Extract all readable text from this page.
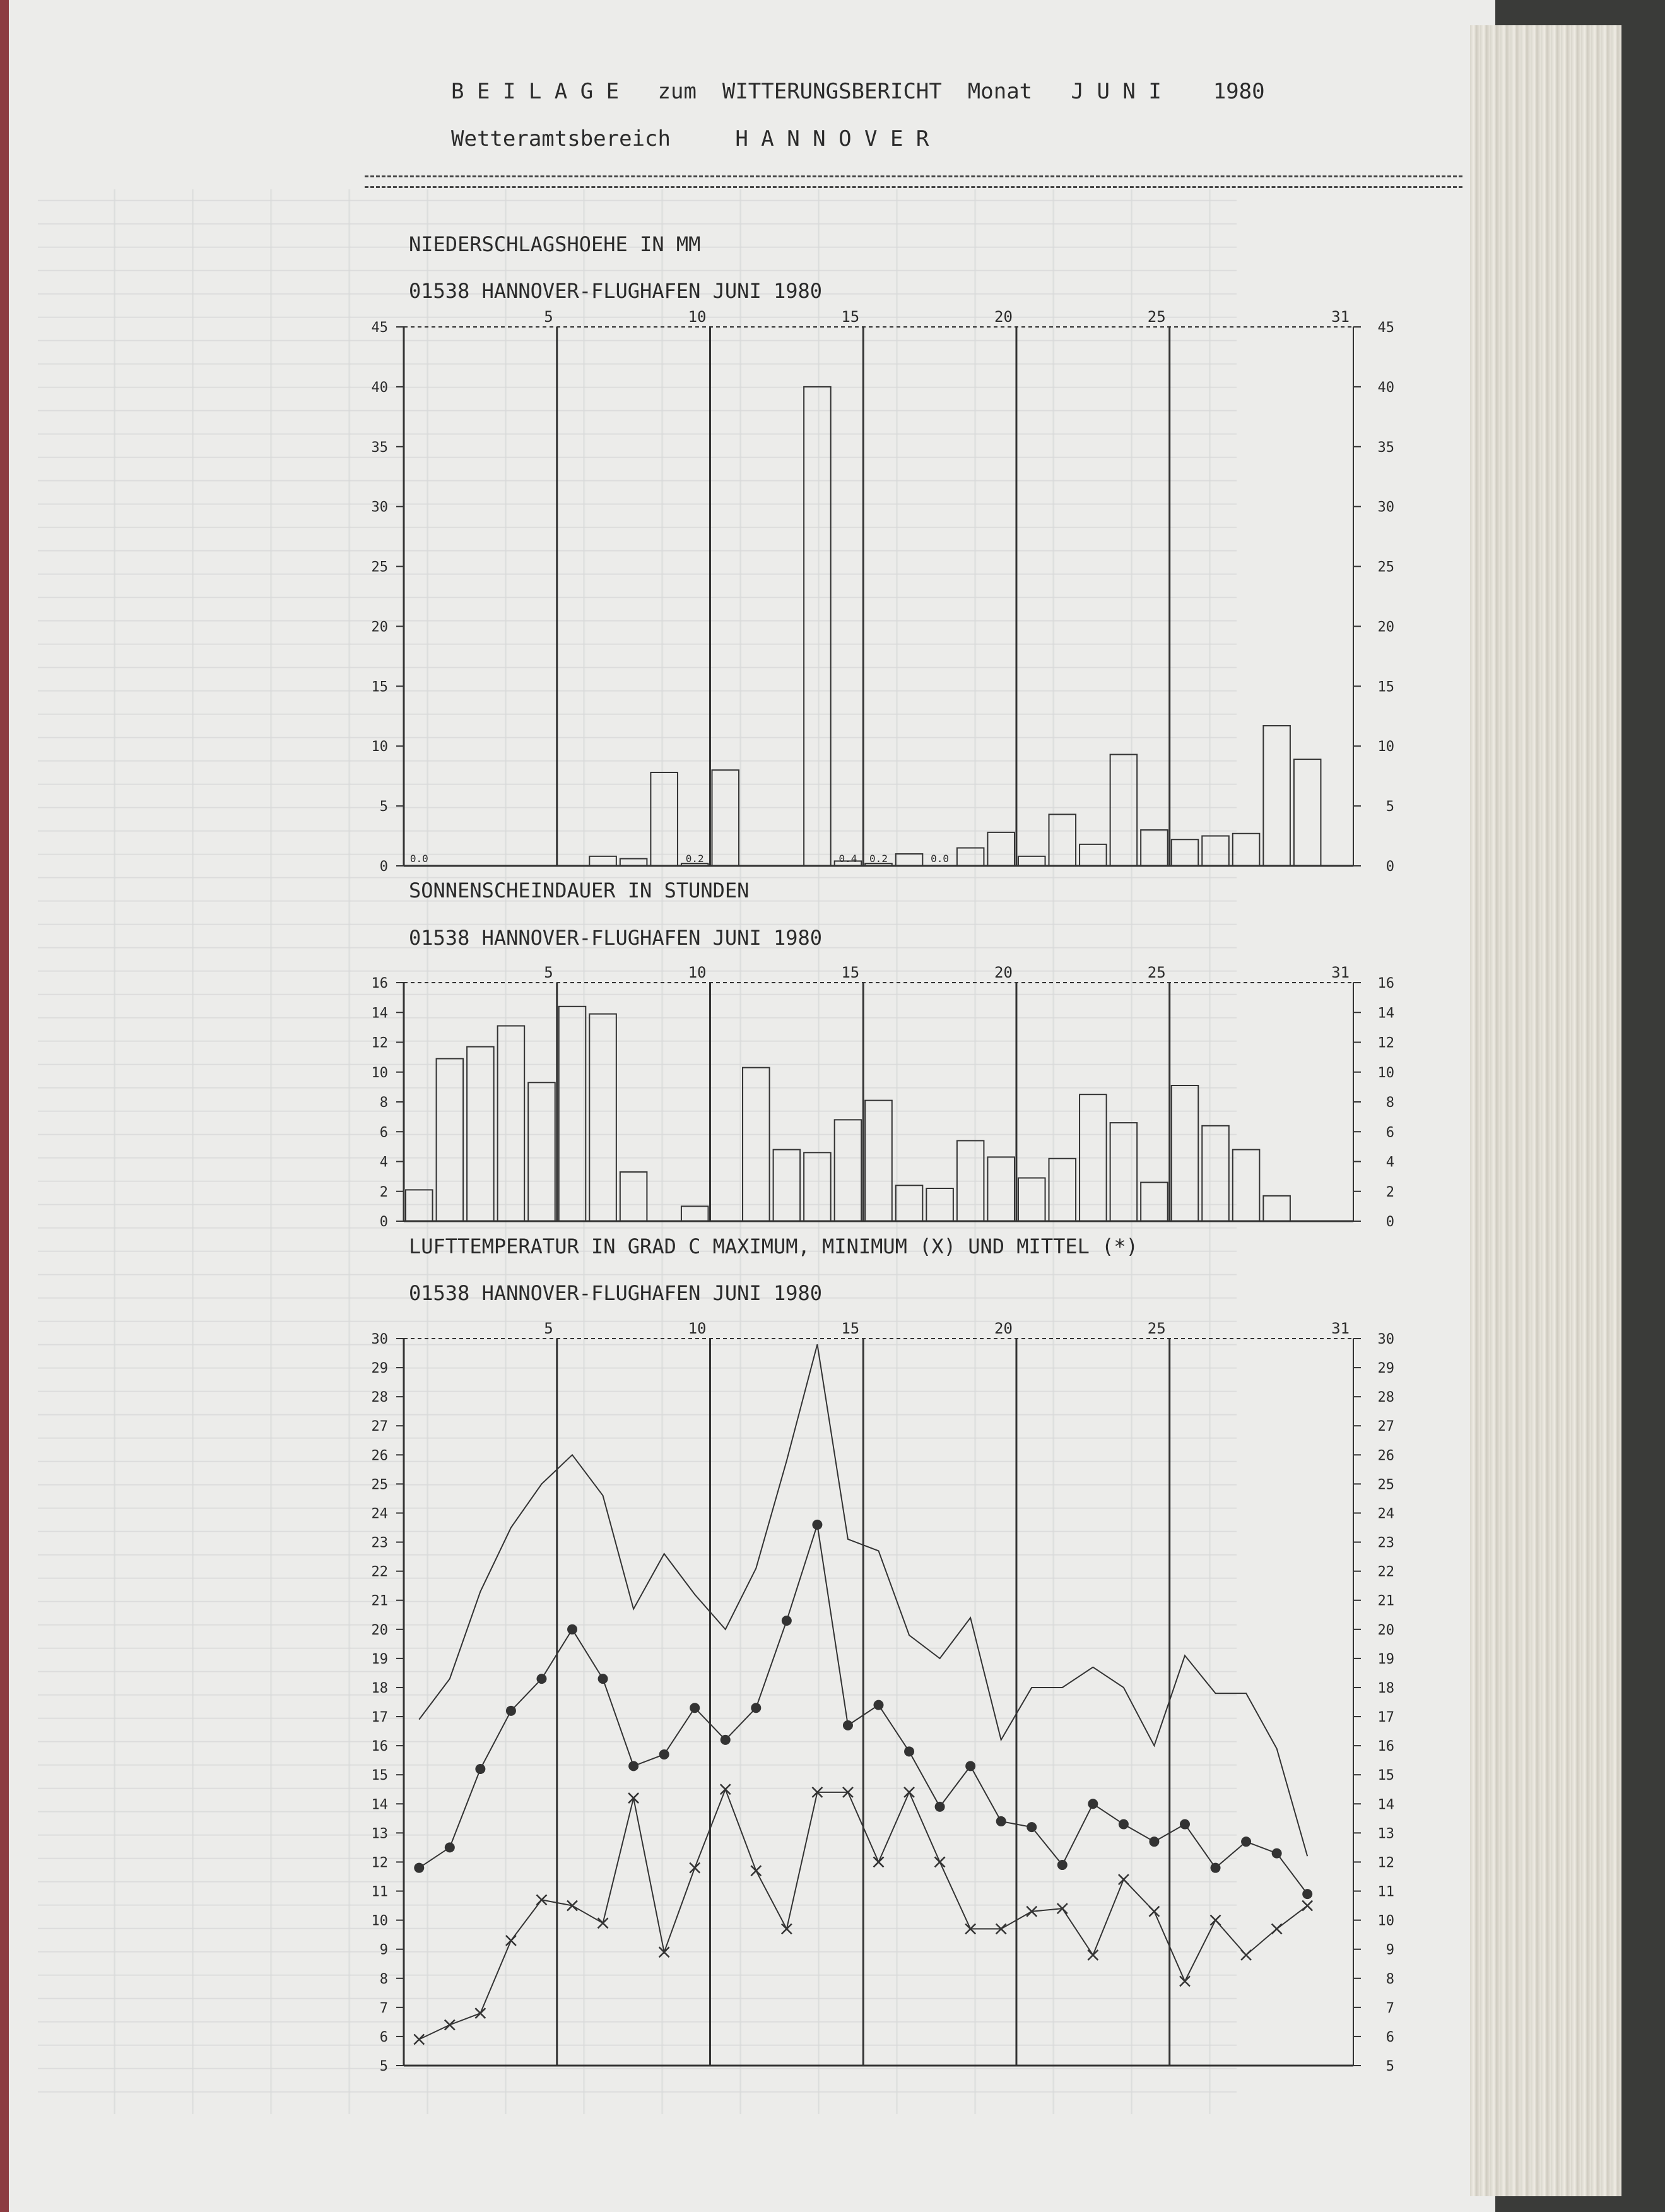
B E I L A G E   zum  WITTERUNGSBERICHT  Monat   J U N I    1980
Wetteramtsbereich     H A N N O V E R
NIEDERSCHLAGSHOEHE IN MM
01538 HANNOVER-FLUGHAFEN JUNI 1980
0	0
5	5
10	10
15	15
20	20
25	25
30	30
35	35
40	40
45	45
5	10	15	20	25	31
0.0	0.2	0.4 0.2	0.0
SONNENSCHEINDAUER IN STUNDEN
01538 HANNOVER-FLUGHAFEN JUNI 1980
0	0
2	2
4	4
6	6
8	8
10	10
12	12
14	14
16	16
5	10	15	20	25	31
LUFTTEMPERATUR IN GRAD C MAXIMUM, MINIMUM (X) UND MITTEL (*)
01538 HANNOVER-FLUGHAFEN JUNI 1980
5	5
6	6
7	7
8	8
9	9
10	10
11	11
12	12
13	13
14	14
15	15
16	16
17	17
18	18
19	19
20	20
21	21
22	22
23	23
24	24
25	25
26	26
27	27
28	28
29	29
30	30
5	10	15	20	25	31
